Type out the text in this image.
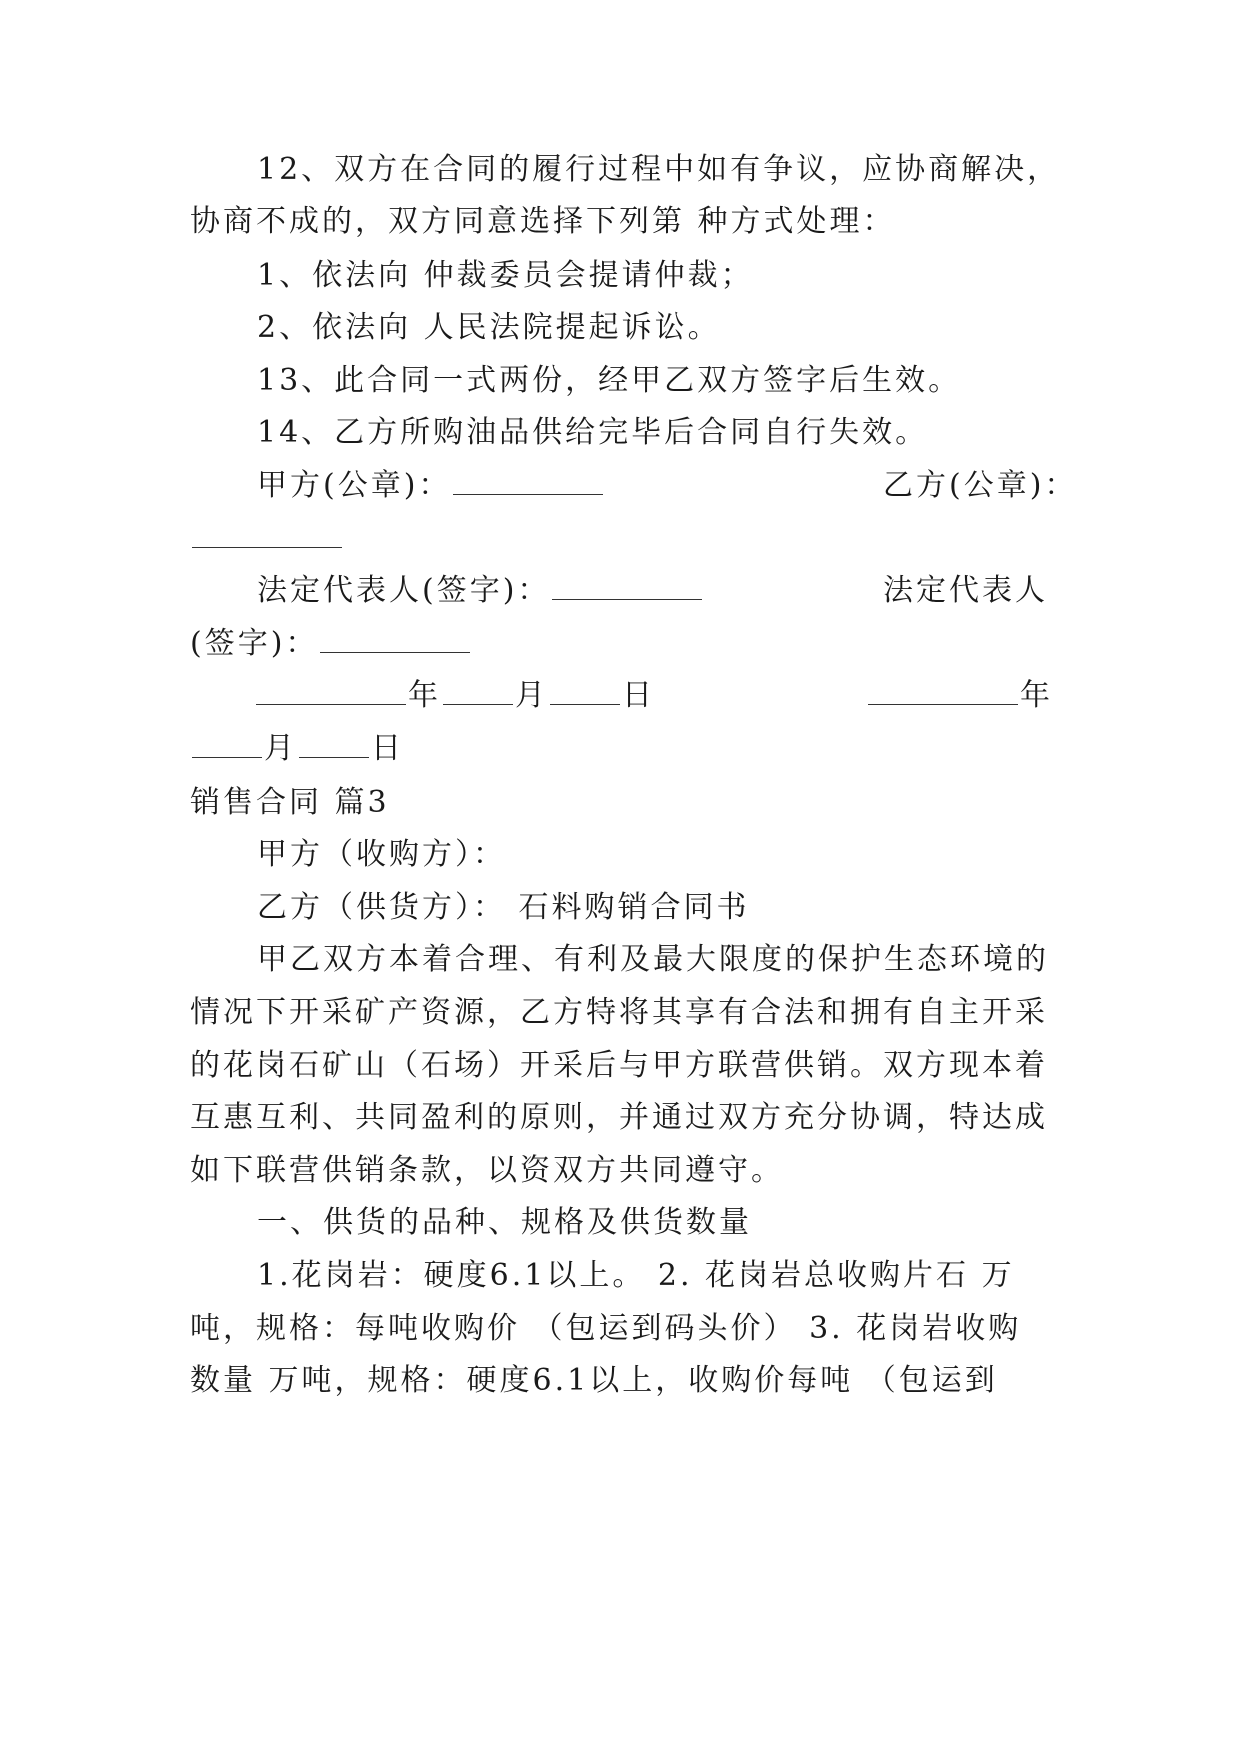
12、双方在合同的履行过程中如有争议，应协商解决，
协商不成的，双方同意选择下列第 种方式处理：
1、依法向 仲裁委员会提请仲裁；
2、依法向 人民法院提起诉讼。
13、此合同一式两份，经甲乙双方签字后生效。
14、乙方所购油品供给完毕后合同自行失效。
甲方(公章)：	乙方(公章)：
法定代表人(签字)：	法定代表人
(签字)：
年 月 日	年
月 日
销售合同 篇3
甲方（收购方）：
乙方（供货方）： 石料购销合同书
甲乙双方本着合理、有利及最大限度的保护生态环境的
情况下开采矿产资源，乙方特将其享有合法和拥有自主开采
的花岗石矿山（石场）开采后与甲方联营供销。双方现本着
互惠互利、共同盈利的原则，并通过双方充分协调，特达成
如下联营供销条款，以资双方共同遵守。
一、供货的品种、规格及供货数量
1.花岗岩：硬度6.1以上。 2. 花岗岩总收购片石 万
吨，规格：每吨收购价 （包运到码头价） 3. 花岗岩收购
数量 万吨，规格：硬度6.1以上，收购价每吨 （包运到
